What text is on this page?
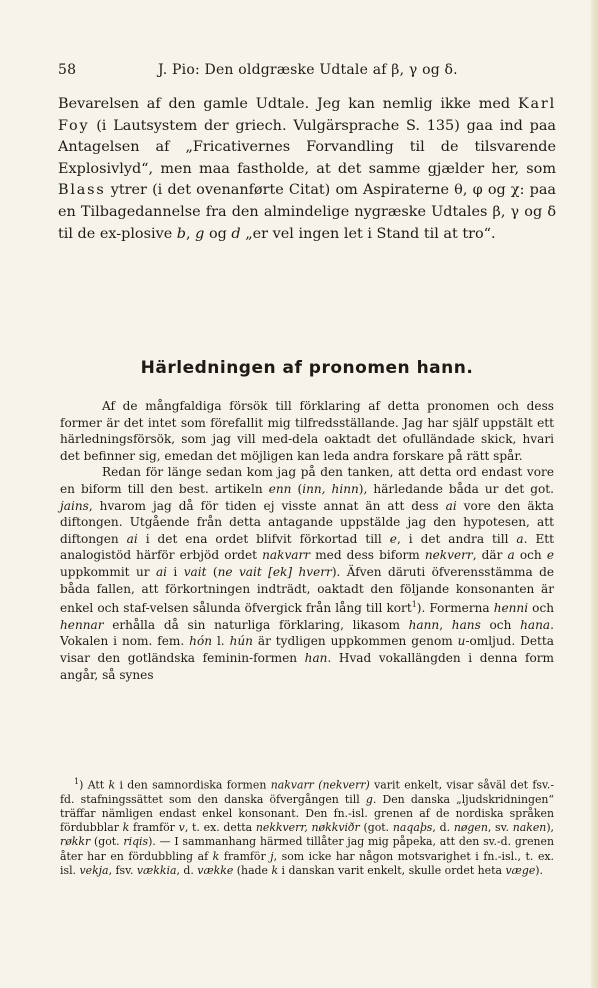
58	J. Pio: Den oldgræske Udtale af β, γ og δ.

Bevarelsen af den gamle Udtale. Jeg kan nemlig ikke med Karl Foy (i Lautsystem der griech. Vulgärsprache S. 135) gaa ind paa Antagelsen af „Fricativernes Forvandling til de tilsvarende Explosivlyd“, men maa fastholde, at det samme gjælder her, som Blass ytrer (i det ovenanførte Citat) om Aspiraterne θ, φ og χ: paa en Tilbagedannelse fra den almindelige nygræske Udtales β, γ og δ til de ex-plosive b, g og d „er vel ingen let i Stand til at tro“.

Härledningen af pronomen hann.

Af de mångfaldiga försök till förklaring af detta pronomen och dess former är det intet som förefallit mig tilfredsställande. Jag har själf uppstält ett härledningsförsök, som jag vill med-dela oaktadt det ofulländade skick, hvari det befinner sig, emedan det möjligen kan leda andra forskare på rätt spår.

Redan för länge sedan kom jag på den tanken, att detta ord endast vore en biform till den best. artikeln enn (inn, hinn), härledande båda ur det got. jains, hvarom jag då för tiden ej visste annat än att dess ai vore den äkta diftongen. Utgående från detta antagande uppstälde jag den hypotesen, att diftongen ai i det ena ordet blifvit förkortad till e, i det andra till a. Ett analogistöd härför erbjöd ordet nakvarr med dess biform nekverr, där a och e uppkommit ur ai i vait (ne vait [ek] hverr). Äfven däruti öfverensstämma de båda fallen, att förkortningen indträdt, oaktadt den följande konsonanten är enkel och staf-velsen sålunda öfvergick från lång till kort$^1$). Formerna henni och hennar erhålla då sin naturliga förklaring, likasom hann, hans och hana. Vokalen i nom. fem. hón l. hún är tydligen uppkommen genom u-omljud. Detta visar den gotländska feminin-formen han. Hvad vokallängden i denna form angår, så synes

$^1$) Att k i den samnordiska formen nakvarr (nekverr) varit enkelt, visar såväl det fsv.-fd. stafningssättet som den danska öfvergången till g. Den danska „ljudskridningen“ träffar nämligen endast enkel konsonant. Den fn.-isl. grenen af de nordiska språken fördubblar k framför v, t. ex. detta nekkverr, nøkkviðr (got. naqaþs, d. nøgen, sv. naken), røkkr (got. riqis). — I sammanhang härmed tillåter jag mig påpeka, att den sv.-d. grenen åter har en fördubbling af k framför j, som icke har någon motsvarighet i fn.-isl., t. ex. isl. vekja, fsv. vækkia, d. vække (hade k i danskan varit enkelt, skulle ordet heta væge).
